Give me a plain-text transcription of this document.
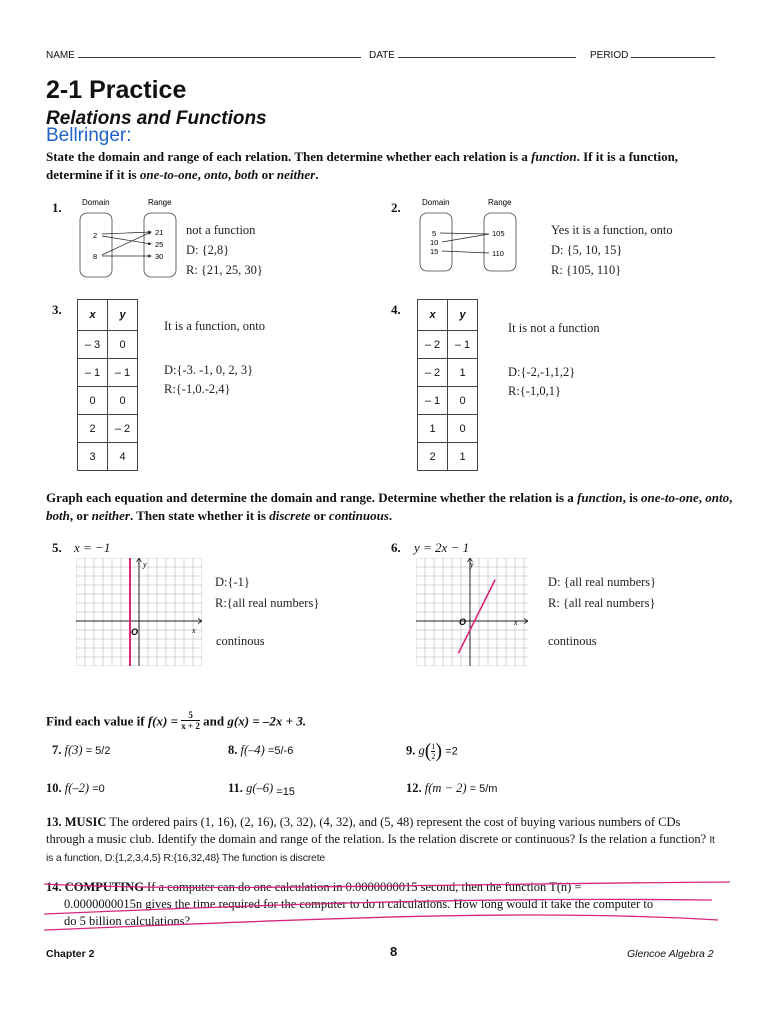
NAME	DATE	PERIOD
2-1 Practice
Relations and Functions
Bellringer:
State the domain and range of each relation. Then determine whether each relation is a function. If it is a function, determine if it is one-to-one, onto, both or neither.
1.	Domain	Range
2
8
21
25
30
not a function
D: {2,8}
R: {21, 25, 30}
2.	Domain	Range
5
10
15
105
110
Yes it is a function, onto
D: {5, 10, 15}
R: {105, 110}
3.	x	y
– 3	0
– 1	– 1
0	0
2	– 2
3	4
It is a function, onto
D:{-3. -1, 0, 2, 3}
R:{-1,0.-2,4}
4.	x	y
– 2	– 1
– 2	1
– 1	0
1	0
2	1
It is not a function
D:{-2,-1,1,2}
R:{-1,0,1}
Graph each equation and determine the domain and range. Determine whether the relation is a function, is one-to-one, onto, both, or neither. Then state whether it is discrete or continuous.
5. x = −1
y
x
O
D:{-1}
R:{all real numbers}
continous
6. y = 2x − 1
y
x
O
D: {all real numbers}
R: {all real numbers}
continous
Find each value if $f(x) = \frac{5}{x + 2}$ and g(x) = –2x + 3.
7. f(3) = 5/2	8. f(–4) =5/-6	9. $g( \frac{1}{2}$ ) =2
10. f(–2) =0	11. g(–6) =15	12. f(m − 2) = 5/m
13. MUSIC The ordered pairs (1, 16), (2, 16), (3, 32), (4, 32), and (5, 48) represent the cost of buying various numbers of CDs through a music club. Identify the domain and range of the relation. Is the relation discrete or continuous? Is the relation a function? It is a function, D:{1,2,3,4,5} R:{16,32,48} The function is discrete
14. COMPUTING If a computer can do one calculation in 0.0000000015 second, then the function T(n) =
0.0000000015n gives the time required for the computer to do n calculations. How long would it take the computer to
do 5 billion calculations?
Chapter 2	8	Glencoe Algebra 2
